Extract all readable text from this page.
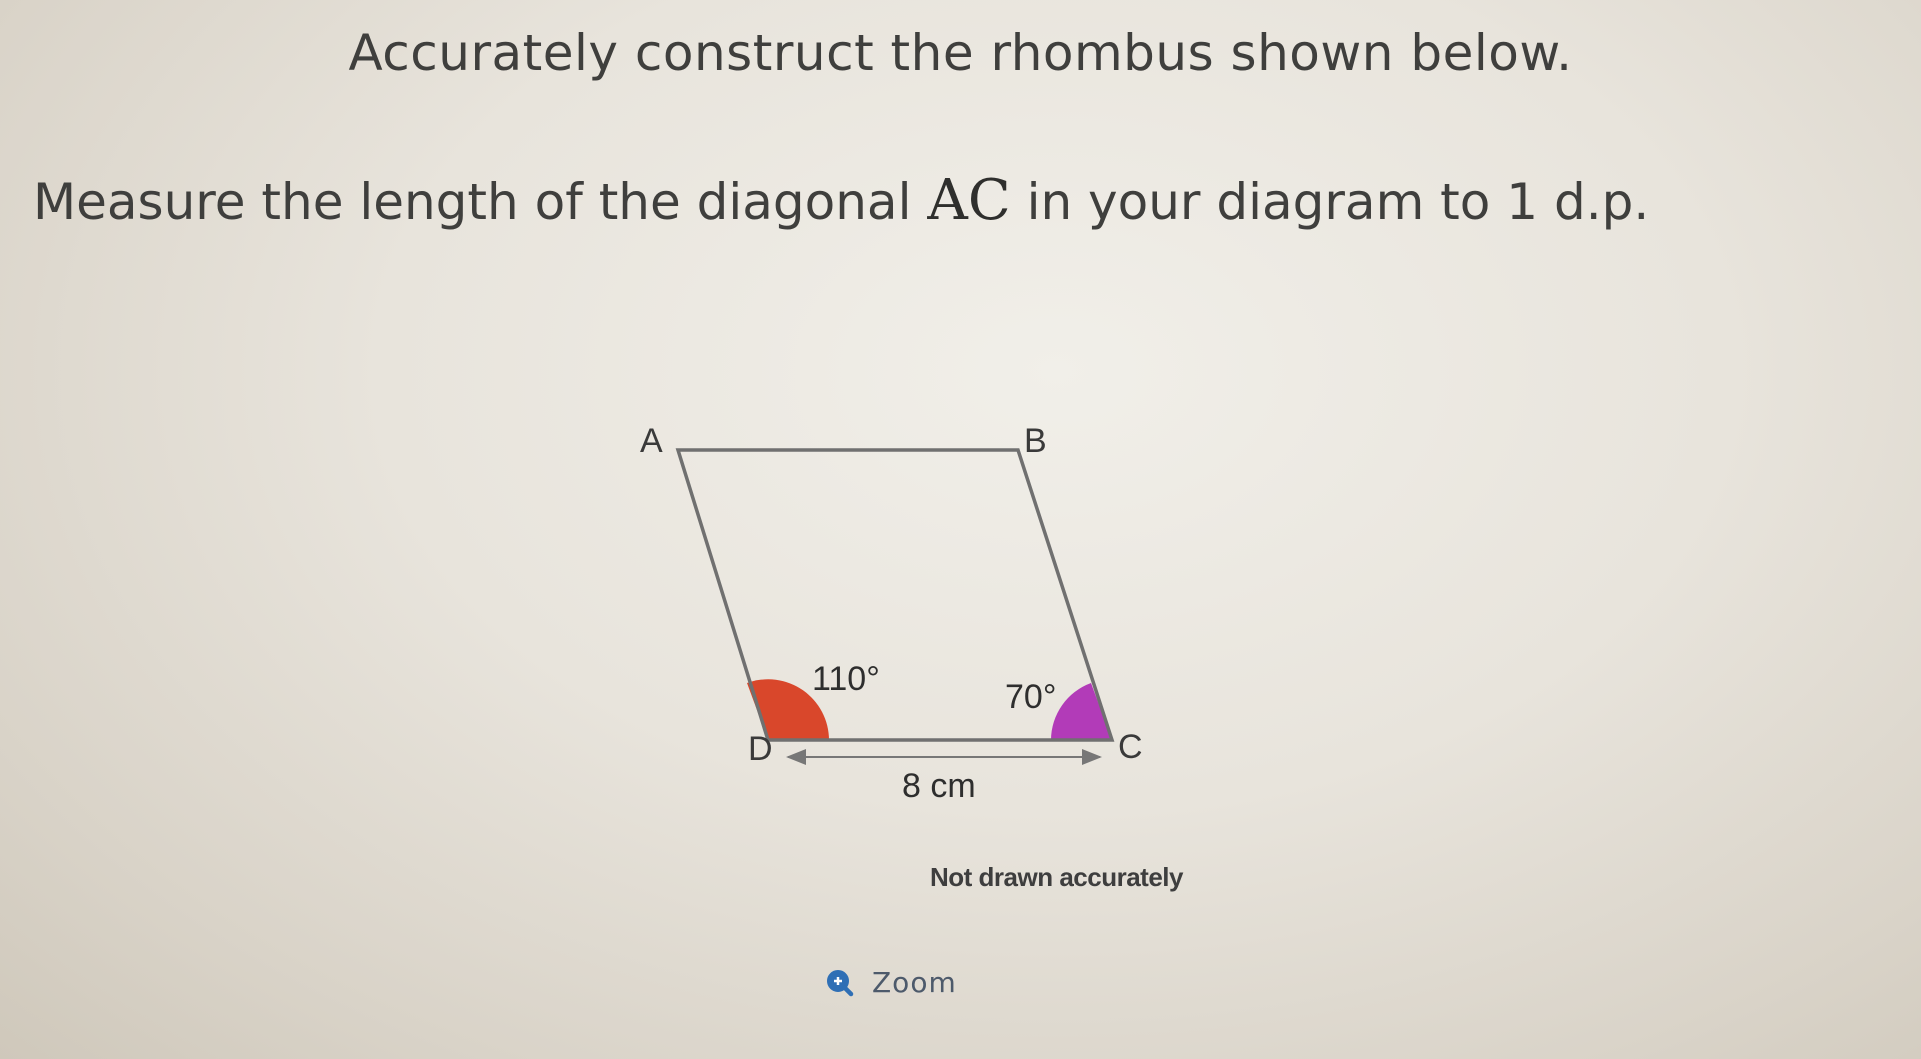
Accurately construct the rhombus shown below.

Measure the length of the diagonal AC in your diagram to 1 d.p.

A	B
C
D
110°	70°
8 cm
Not drawn accurately
Zoom
